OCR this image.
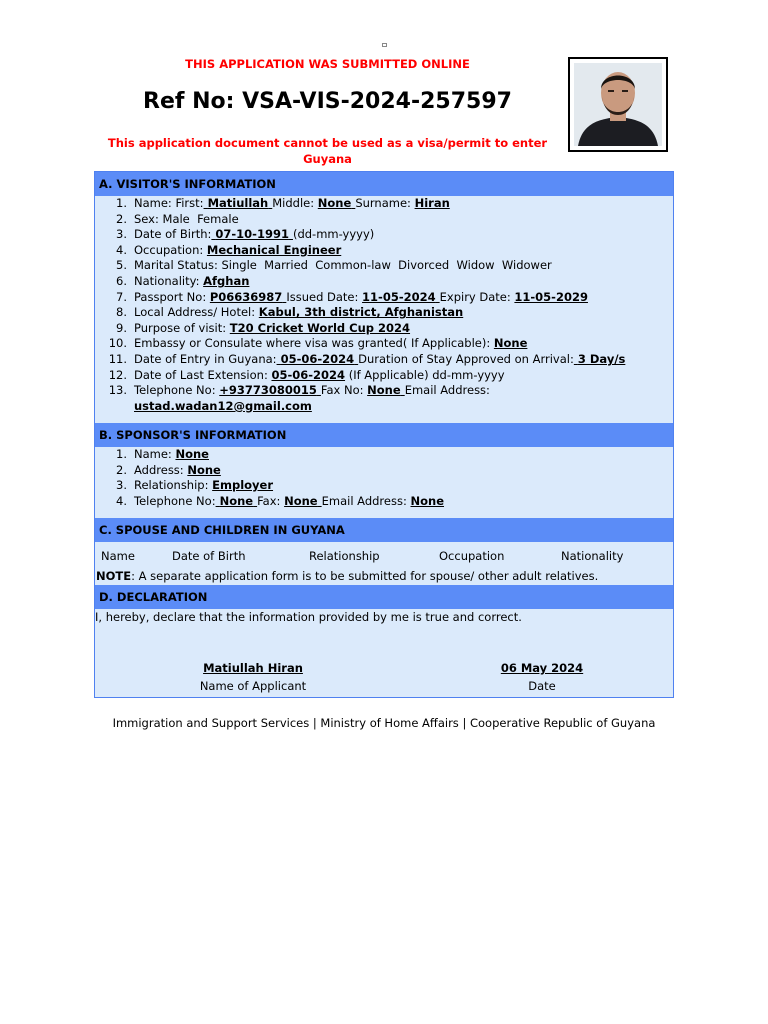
THIS APPLICATION WAS SUBMITTED ONLINE
Ref No: VSA-VIS-2024-257597
This application document cannot be used as a visa/permit to enter Guyana
A. VISITOR'S INFORMATION
1. Name: First: Matiullah Middle: None Surname: Hiran
2. Sex: Male  Female
3. Date of Birth: 07-10-1991 (dd-mm-yyyy)
4. Occupation: Mechanical Engineer
5. Marital Status: Single  Married  Common-law  Divorced  Widow  Widower
6. Nationality: Afghan
7. Passport No: P06636987 Issued Date: 11-05-2024 Expiry Date: 11-05-2029
8. Local Address/ Hotel: Kabul, 3th district, Afghanistan
9. Purpose of visit: T20 Cricket World Cup 2024
10. Embassy or Consulate where visa was granted( If Applicable): None
11. Date of Entry in Guyana: 05-06-2024 Duration of Stay Approved on Arrival: 3 Day/s
12. Date of Last Extension: 05-06-2024 (If Applicable) dd-mm-yyyy
13. Telephone No: +93773080015 Fax No: None Email Address:
ustad.wadan12@gmail.com
B. SPONSOR'S INFORMATION
1. Name: None
2. Address: None
3. Relationship: Employer
4. Telephone No: None Fax: None Email Address: None
C. SPOUSE AND CHILDREN IN GUYANA
Name	Date of Birth	Relationship	Occupation	Nationality
NOTE: A separate application form is to be submitted for spouse/ other adult relatives.
D. DECLARATION
I, hereby, declare that the information provided by me is true and correct.
Matiullah Hiran
Name of Applicant
06 May 2024
Date
Immigration and Support Services | Ministry of Home Affairs | Cooperative Republic of Guyana
